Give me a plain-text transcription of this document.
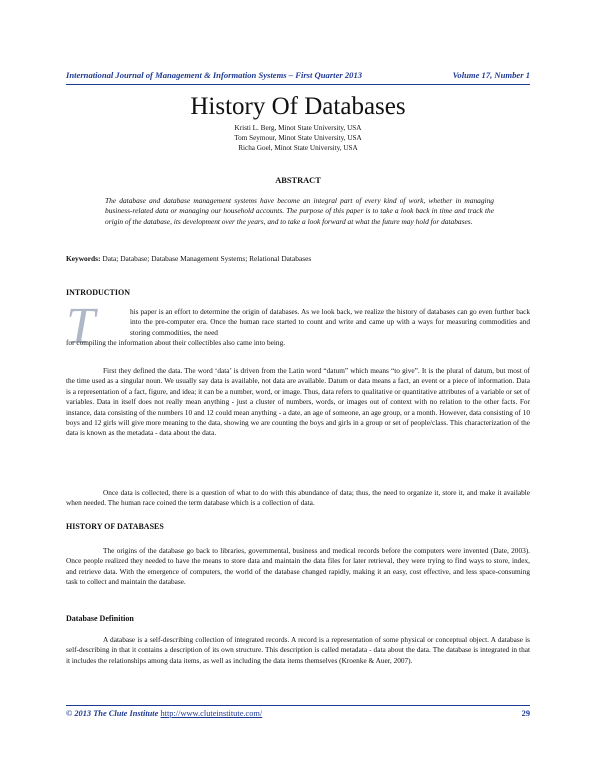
International Journal of Management & Information Systems – First Quarter 2013	Volume 17, Number 1
History Of Databases
Kristi L. Berg, Minot State University, USA
Tom Seymour, Minot State University, USA
Richa Goel, Minot State University, USA
ABSTRACT
The database and database management systems have become an integral part of every kind of work, whether in managing business-related data or managing our household accounts. The purpose of this paper is to take a look back in time and track the origin of the database, its development over the years, and to take a look forward at what the future may hold for databases.
Keywords: Data; Database; Database Management Systems; Relational Databases
INTRODUCTION
T	his paper is an effort to determine the origin of databases. As we look back, we realize the history of databases can go even further back into the pre-computer era. Once the human race started to count and write and came up with a ways for measuring commodities and storing commodities, the need
for compiling the information about their collectibles also came into being.

First they defined the data. The word ‘data’ is driven from the Latin word “datum” which means “to give”. It is the plural of datum, but most of the time used as a singular noun. We usually say data is available, not data are available. Datum or data means a fact, an event or a piece of information. Data is a representation of a fact, figure, and idea; it can be a number, word, or image. Thus, data refers to qualitative or quantitative attributes of a variable or set of variables. Data in itself does not really mean anything - just a cluster of numbers, words, or images out of context with no relation to the other facts. For instance, data consisting of the numbers 10 and 12 could mean anything - a date, an age of someone, an age group, or a month. However, data consisting of 10 boys and 12 girls will give more meaning to the data, showing we are counting the boys and girls in a group or set of people/class. This characterization of the data is known as the metadata - data about the data.

Once data is collected, there is a question of what to do with this abundance of data; thus, the need to organize it, store it, and make it available when needed. The human race coined the term database which is a collection of data.

HISTORY OF DATABASES

The origins of the database go back to libraries, governmental, business and medical records before the computers were invented (Date, 2003). Once people realized they needed to have the means to store data and maintain the data files for later retrieval, they were trying to find ways to store, index, and retrieve data. With the emergence of computers, the world of the database changed rapidly, making it an easy, cost effective, and less space-consuming task to collect and maintain the database.

Database Definition

A database is a self-describing collection of integrated records. A record is a representation of some physical or conceptual object. A database is self-describing in that it contains a description of its own structure. This description is called metadata - data about the data. The database is integrated in that it includes the relationships among data items, as well as including the data items themselves (Kroenke & Auer, 2007).

© 2013 The Clute Institute http://www.cluteinstitute.com/	29
